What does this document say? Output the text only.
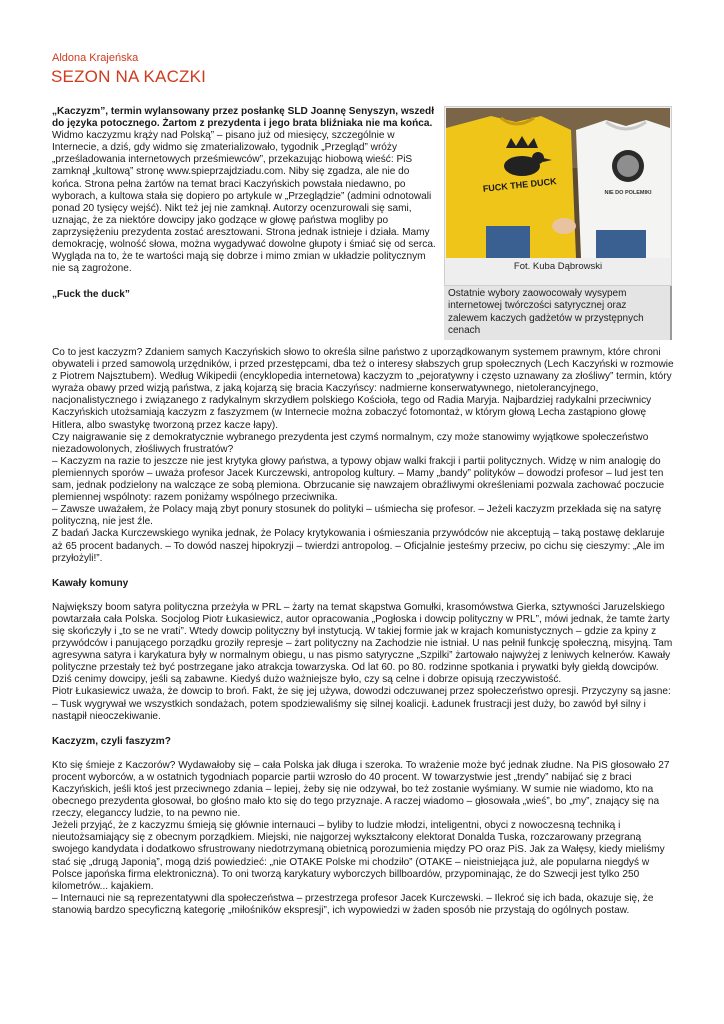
Aldona Krajeńska
SEZON NA KACZKI

„Kaczyzm”, termin wylansowany przez posłankę SLD Joannę Senyszyn, wszedł do języka potocznego. Żartom z prezydenta i jego brata bliźniaka nie ma końca.

Widmo kaczyzmu krąży nad Polską” – pisano już od miesięcy, szczególnie w Internecie, a dziś, gdy widmo się zmaterializowało, tygodnik „Przegląd” wróży „prześladowania internetowych prześmiewców”, przekazując hiobową wieść: PiS zamknął „kultową” stronę www.spieprzajdziadu.com. Niby się zgadza, ale nie do końca. Strona pełna żartów na temat braci Kaczyńskich powstała niedawno, po wyborach, a kultowa stała się dopiero po artykule w „Przeglądzie” (admini odnotowali ponad 20 tysięcy wejść). Nikt też jej nie zamknął. Autorzy ocenzurowali się sami, uznając, że za niektóre dowcipy jako godzące w głowę państwa mogliby po zaprzysiężeniu prezydenta zostać aresztowani. Strona jednak istnieje i działa. Mamy demokrację, wolność słowa, można wygadywać dowolne głupoty i śmiać się od serca. Wygląda na to, że te wartości mają się dobrze i mimo zmian w układzie politycznym nie są zagrożone.

„Fuck the duck”

FUCK THE DUCK	NIE DO POLEMIKI
Fot. Kuba Dąbrowski
Ostatnie wybory zaowocowały wysypem internetowej twórczości satyrycznej oraz zalewem kaczych gadżetów w przystępnych cenach

Co to jest kaczyzm? Zdaniem samych Kaczyńskich słowo to określa silne państwo z uporządkowanym systemem prawnym, które chroni obywateli i przed samowolą urzędników, i przed przestępcami, dba też o interesy słabszych grup społecznych (Lech Kaczyński w rozmowie z Piotrem Najsztubem). Według Wikipedii (encyklopedia internetowa) kaczyzm to „pejoratywny i często uznawany za złośliwy” termin, który wyraża obawy przed wizją państwa, z jaką kojarzą się bracia Kaczyńscy: nadmierne konserwatywnego, nietolerancyjnego, nacjonalistycznego i związanego z radykalnym skrzydłem polskiego Kościoła, tego od Radia Maryja. Najbardziej radykalni przeciwnicy Kaczyńskich utożsamiają kaczyzm z faszyzmem (w Internecie można zobaczyć fotomontaż, w którym głową Lecha zastąpiono głowę Hitlera, albo swastykę tworzoną przez kacze łapy).

Czy naigrawanie się z demokratycznie wybranego prezydenta jest czymś normalnym, czy może stanowimy wyjątkowe społeczeństwo niezadowolonych, złośliwych frustratów?

– Kaczyzm na razie to jeszcze nie jest krytyka głowy państwa, a typowy objaw walki frakcji i partii politycznych. Widzę w nim analogię do plemiennych sporów – uważa profesor Jacek Kurczewski, antropolog kultury. – Mamy „bandy” polityków – dowodzi profesor – lud jest ten sam, jednak podzielony na walczące ze sobą plemiona. Obrzucanie się nawzajem obraźliwymi określeniami pozwala zachować poczucie plemiennej wspólnoty: razem poniżamy wspólnego przeciwnika.

– Zawsze uważałem, że Polacy mają zbyt ponury stosunek do polityki – uśmiecha się profesor. – Jeżeli kaczyzm przekłada się na satyrę polityczną, nie jest źle.

Z badań Jacka Kurczewskiego wynika jednak, że Polacy krytykowania i ośmieszania przywódców nie akceptują – taką postawę deklaruje aż 65 procent badanych. – To dowód naszej hipokryzji – twierdzi antropolog. – Oficjalnie jesteśmy przeciw, po cichu się cieszymy: „Ale im przyłożyli!”.

Kawały komuny

Największy boom satyra polityczna przeżyła w PRL – żarty na temat skąpstwa Gomułki, krasomówstwa Gierka, sztywności Jaruzelskiego powtarzała cała Polska. Socjolog Piotr Łukasiewicz, autor opracowania „Pogłoska i dowcip polityczny w PRL”, mówi jednak, że tamte żarty się skończyły i „to se ne vrati”. Wtedy dowcip polityczny był instytucją. W takiej formie jak w krajach komunistycznych – gdzie za kpiny z przywódców i panującego porządku groziły represje – żart polityczny na Zachodzie nie istniał. U nas pełnił funkcję społeczną, misyjną. Tam agresywna satyra i karykatura były w normalnym obiegu, u nas pismo satyryczne „Szpilki” żartowało najwyżej z leniwych kelnerów. Kawały polityczne przestały też być postrzegane jako atrakcja towarzyska. Od lat 60. po 80. rodzinne spotkania i prywatki były giełdą dowcipów. Dziś cenimy dowcipy, jeśli są zabawne. Kiedyś dużo ważniejsze było, czy są celne i dobrze opisują rzeczywistość.

Piotr Łukasiewicz uważa, że dowcip to broń. Fakt, że się jej używa, dowodzi odczuwanej przez społeczeństwo opresji. Przyczyny są jasne: – Tusk wygrywał we wszystkich sondażach, potem spodziewaliśmy się silnej koalicji. Ładunek frustracji jest duży, bo zawód był silny i nastąpił nieoczekiwanie.

Kaczyzm, czyli faszyzm?

Kto się śmieje z Kaczorów? Wydawałoby się – cała Polska jak długa i szeroka. To wrażenie może być jednak złudne. Na PiS głosowało 27 procent wyborców, a w ostatnich tygodniach poparcie partii wzrosło do 40 procent. W towarzystwie jest „trendy” nabijać się z braci Kaczyńskich, jeśli ktoś jest przeciwnego zdania – lepiej, żeby się nie odzywał, bo też zostanie wyśmiany. W sumie nie wiadomo, kto na obecnego prezydenta głosował, bo głośno mało kto się do tego przyznaje. A raczej wiadomo – głosowała „wieś”, bo „my”, znający się na rzeczy, eleganccy ludzie, to na pewno nie.

Jeżeli przyjąć, że z kaczyzmu śmieją się głównie internauci – byliby to ludzie młodzi, inteligentni, obyci z nowoczesną techniką i nieutożsamiający się z obecnym porządkiem. Miejski, nie najgorzej wykształcony elektorat Donalda Tuska, rozczarowany przegraną swojego kandydata i dodatkowo sfrustrowany niedotrzymaną obietnicą porozumienia między PO oraz PiS. Jak za Wałęsy, kiedy mieliśmy stać się „drugą Japonią”, mogą dziś powiedzieć: „nie OTAKE Polske mi chodziło” (OTAKE – nieistniejąca już, ale popularna niegdyś w Polsce japońska firma elektroniczna). To oni tworzą karykatury wyborczych billboardów, przypominając, że do Szwecji jest tylko 250 kilometrów... kajakiem.

– Internauci nie są reprezentatywni dla społeczeństwa – przestrzega profesor Jacek Kurczewski. – Ilekroć się ich bada, okazuje się, że stanowią bardzo specyficzną kategorię „miłośników ekspresji”, ich wypowiedzi w żaden sposób nie przystają do ogólnych postaw.
